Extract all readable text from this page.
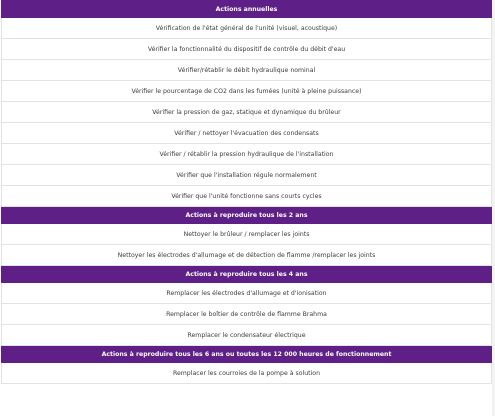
Actions annuelles
Vérification de l'état général de l'unité (visuel, acoustique)
Vérifier la fonctionnalité du dispositif de contrôle du débit d'eau
Vérifier/rétablir le débit hydraulique nominal
Vérifier le pourcentage de CO2 dans les fumées (unité à pleine puissance)
Vérifier la pression de gaz, statique et dynamique du brûleur
Vérifier / nettoyer l'évacuation des condensats
Vérifier / rétablir la pression hydraulique de l'installation
Vérifier que l'installation régule normalement
Vérifier que l'unité fonctionne sans courts cycles
Actions à reproduire tous les 2 ans
Nettoyer le brûleur / remplacer les joints
Nettoyer les électrodes d'allumage et de détection de flamme /remplacer les joints
Actions à reproduire tous les 4 ans
Remplacer les électrodes d'allumage et d'ionisation
Remplacer le boîtier de contrôle de flamme Brahma
Remplacer le condensateur électrique
Actions à reproduire tous les 6 ans ou toutes les 12 000 heures de fonctionnement
Remplacer les courroies de la pompe à solution
